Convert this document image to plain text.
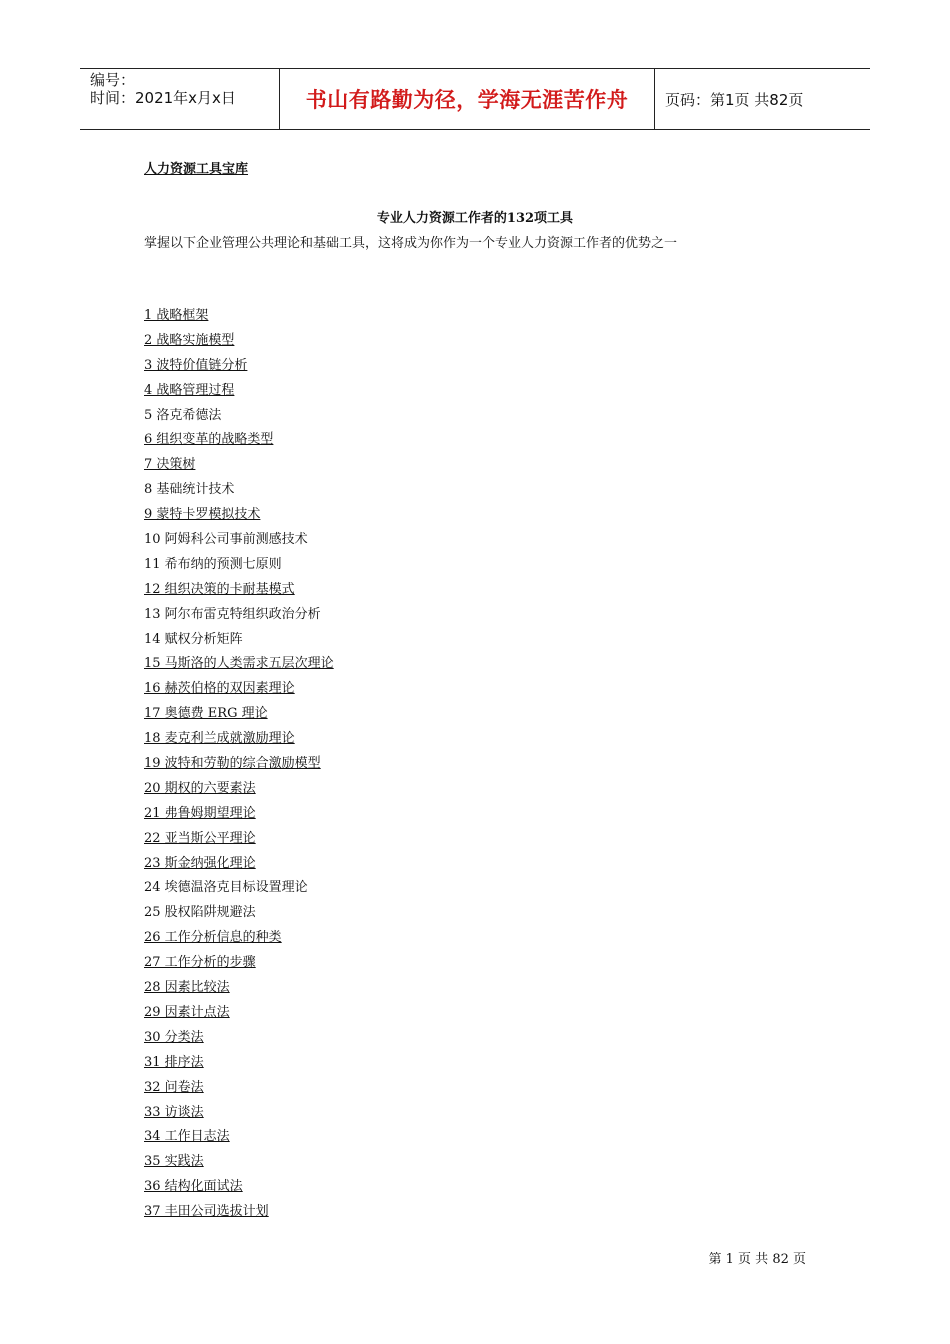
编号：
时间：2021年x月x日	书山有路勤为径，学海无涯苦作舟	页码：第1页 共82页
人力资源工具宝库
专业人力资源工作者的132项工具
掌握以下企业管理公共理论和基础工具，这将成为你作为一个专业人力资源工作者的优势之一
1 战略框架
2 战略实施模型
3 波特价值链分析
4 战略管理过程
5 洛克希德法
6 组织变革的战略类型
7 决策树
8 基础统计技术
9 蒙特卡罗模拟技术
10 阿姆科公司事前测感技术
11 希布纳的预测七原则
12 组织决策的卡耐基模式
13 阿尔布雷克特组织政治分析
14 赋权分析矩阵
15 马斯洛的人类需求五层次理论
16 赫茨伯格的双因素理论
17 奥德费 ERG 理论
18 麦克利兰成就激励理论
19 波特和劳勒的综合激励模型
20 期权的六要素法
21 弗鲁姆期望理论
22 亚当斯公平理论
23 斯金纳强化理论
24 埃德温洛克目标设置理论
25 股权陷阱规避法
26 工作分析信息的种类
27 工作分析的步骤
28 因素比较法
29 因素计点法
30 分类法
31 排序法
32 问卷法
33 访谈法
34 工作日志法
35 实践法
36 结构化面试法
37 丰田公司选拔计划
第 1 页 共 82 页
